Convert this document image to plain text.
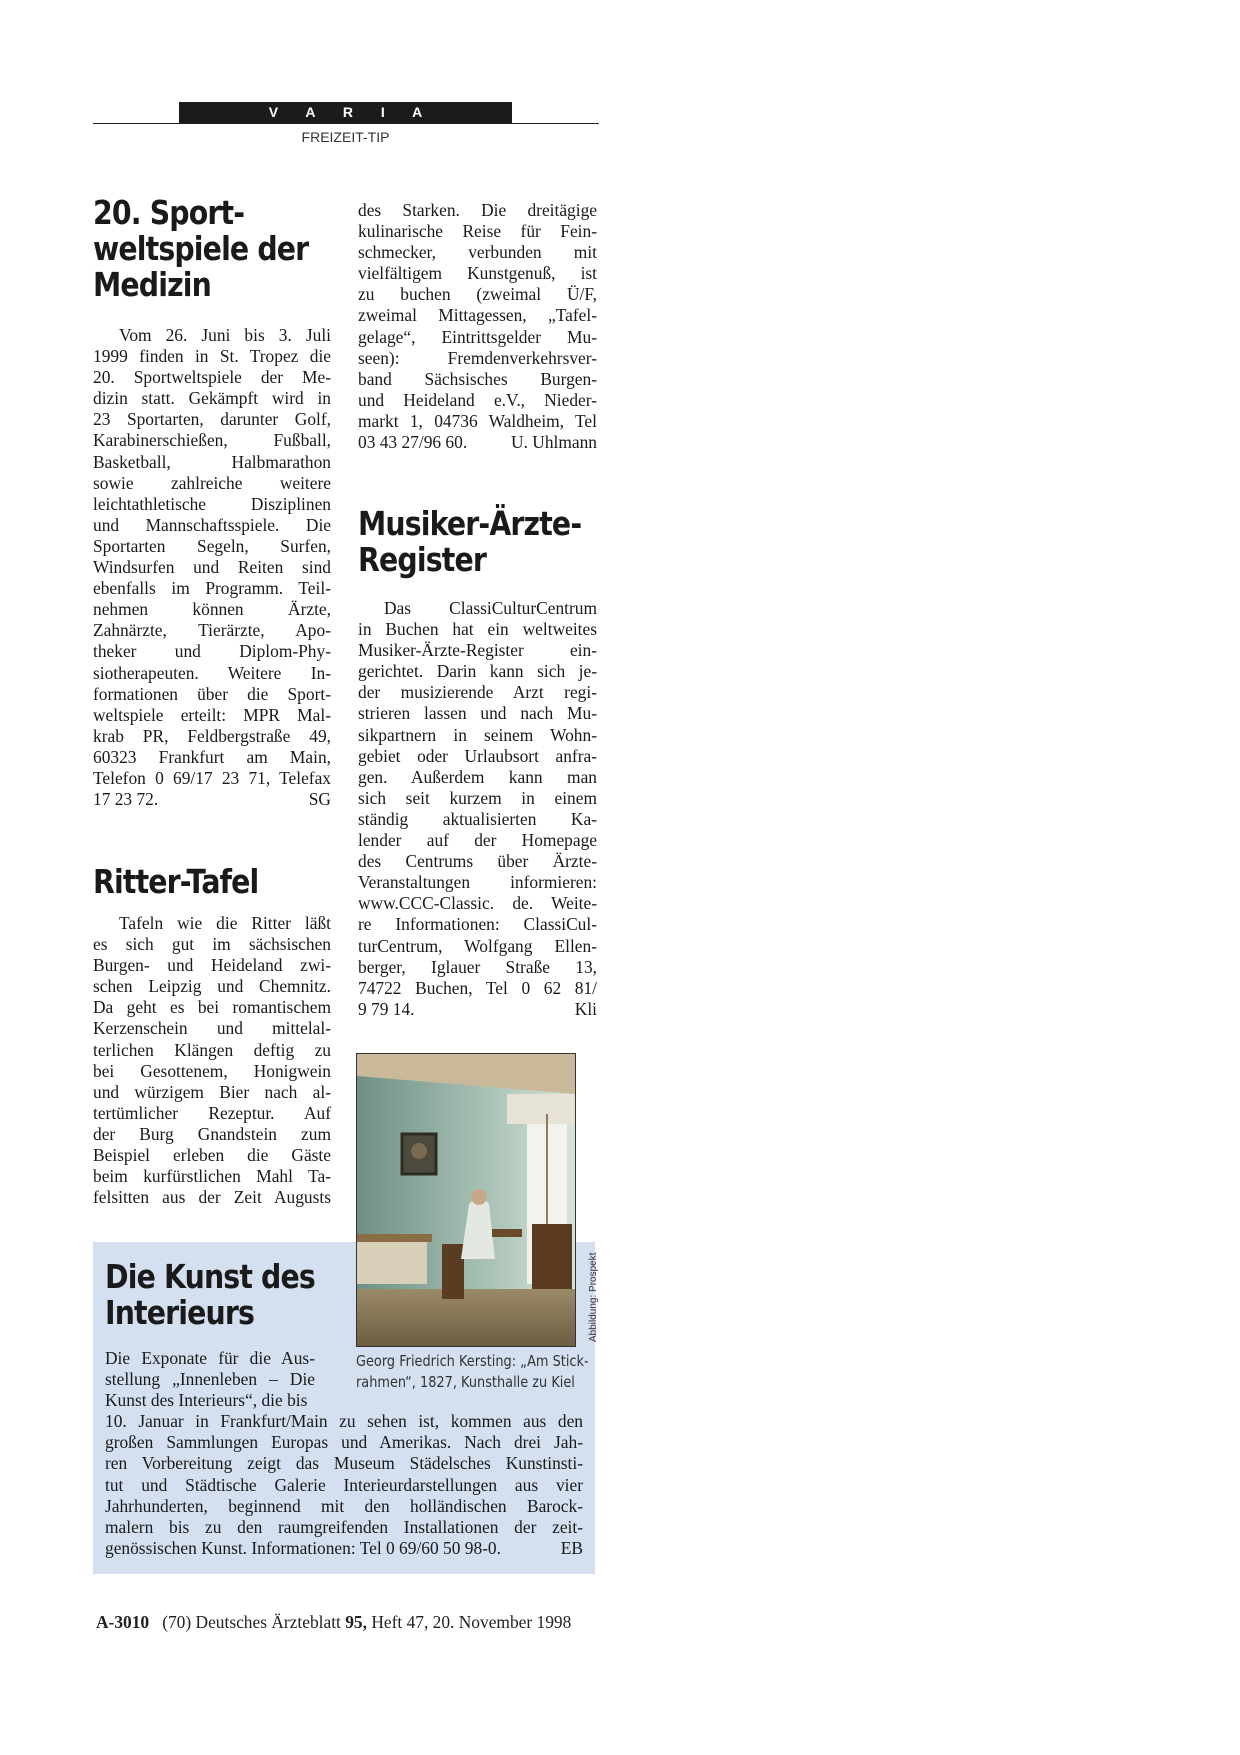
V A R I A
FREIZEIT-TIP
20. Sport-
weltspiele der
Medizin
Vom 26. Juni bis 3. Juli
1999 finden in St. Tropez die
20. Sportweltspiele der Me-
dizin statt. Gekämpft wird in
23 Sportarten, darunter Golf,
Karabinerschießen, Fußball,
Basketball, Halbmarathon
sowie zahlreiche weitere
leichtathletische Disziplinen
und Mannschaftsspiele. Die
Sportarten Segeln, Surfen,
Windsurfen und Reiten sind
ebenfalls im Programm. Teil-
nehmen können Ärzte,
Zahnärzte, Tierärzte, Apo-
theker und Diplom-Phy-
siotherapeuten. Weitere In-
formationen über die Sport-
weltspiele erteilt: MPR Mal-
krab PR, Feldbergstraße 49,
60323 Frankfurt am Main,
Telefon 0 69/17 23 71, Telefax
17 23 72.	SG
Ritter-Tafel
Tafeln wie die Ritter läßt
es sich gut im sächsischen
Burgen- und Heideland zwi-
schen Leipzig und Chemnitz.
Da geht es bei romantischem
Kerzenschein und mittelal-
terlichen Klängen deftig zu
bei Gesottenem, Honigwein
und würzigem Bier nach al-
tertümlicher Rezeptur. Auf
der Burg Gnandstein zum
Beispiel erleben die Gäste
beim kurfürstlichen Mahl Ta-
felsitten aus der Zeit Augusts
des Starken. Die dreitägige
kulinarische Reise für Fein-
schmecker, verbunden mit
vielfältigem Kunstgenuß, ist
zu buchen (zweimal Ü/F,
zweimal Mittagessen, „Tafel-
gelage“, Eintrittsgelder Mu-
seen): Fremdenverkehrsver-
band Sächsisches Burgen-
und Heideland e.V., Nieder-
markt 1, 04736 Waldheim, Tel
03 43 27/96 60.	U. Uhlmann
Musiker-Ärzte-
Register
Das ClassiCulturCentrum
in Buchen hat ein weltweites
Musiker-Ärzte-Register ein-
gerichtet. Darin kann sich je-
der musizierende Arzt regi-
strieren lassen und nach Mu-
sikpartnern in seinem Wohn-
gebiet oder Urlaubsort anfra-
gen. Außerdem kann man
sich seit kurzem in einem
ständig aktualisierten Ka-
lender auf der Homepage
des Centrums über Ärzte-
Veranstaltungen informieren:
www.CCC-Classic. de. Weite-
re Informationen: ClassiCul-
turCentrum, Wolfgang Ellen-
berger, Iglauer Straße 13,
74722 Buchen, Tel 0 62 81/
9 79 14.	Kli
Die Kunst des
Interieurs
Die Exponate für die Aus-
stellung „Innenleben – Die
Kunst des Interieurs“, die bis
10. Januar in Frankfurt/Main zu sehen ist, kommen aus den
großen Sammlungen Europas und Amerikas. Nach drei Jah-
ren Vorbereitung zeigt das Museum Städelsches Kunstinsti-
tut und Städtische Galerie Interieurdarstellungen aus vier
Jahrhunderten, beginnend mit den holländischen Barock-
malern bis zu den raumgreifenden Installationen der zeit-
genössischen Kunst. Informationen: Tel 0 69/60 50 98-0.	EB
Abbildung: Prospekt
Georg Friedrich Kersting: „Am Stick-
rahmen“, 1827, Kunsthalle zu Kiel
A-3010 (70) Deutsches Ärzteblatt 95, Heft 47, 20. November 1998
